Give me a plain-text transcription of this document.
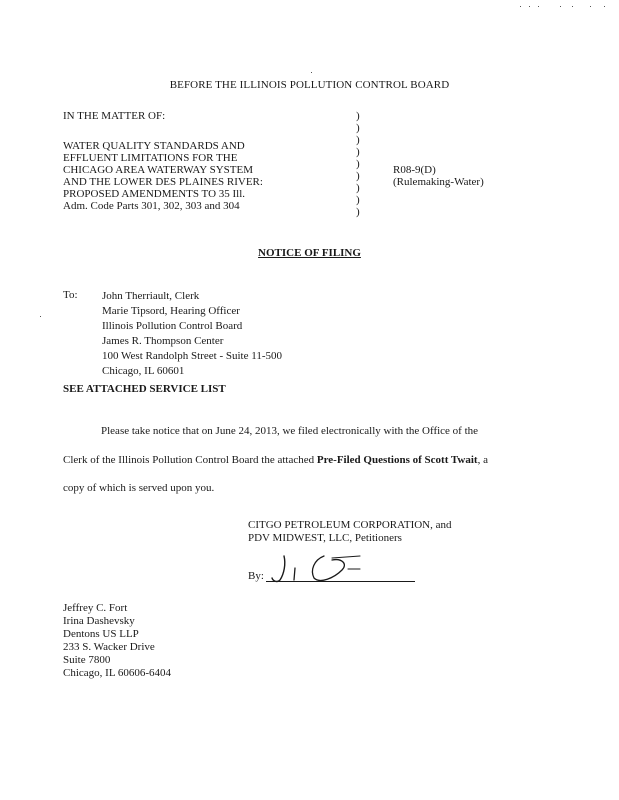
BEFORE THE ILLINOIS POLLUTION CONTROL BOARD
IN THE MATTER OF:
WATER QUALITY STANDARDS AND
EFFLUENT LIMITATIONS FOR THE
CHICAGO AREA WATERWAY SYSTEM
AND THE LOWER DES PLAINES RIVER:
PROPOSED AMENDMENTS TO 35 Ill.
Adm. Code Parts 301, 302, 303 and 304
)
)
)
)
)
)
)
)
)
R08-9(D)
(Rulemaking-Water)
NOTICE OF FILING
To: John Therriault, Clerk
Marie Tipsord, Hearing Officer
Illinois Pollution Control Board
James R. Thompson Center
100 West Randolph Street - Suite 11-500
Chicago, IL 60601
SEE ATTACHED SERVICE LIST
Please take notice that on June 24, 2013, we filed electronically with the Office of the
Clerk of the Illinois Pollution Control Board the attached Pre-Filed Questions of Scott Twait, a
copy of which is served upon you.
CITGO PETROLEUM CORPORATION, and
PDV MIDWEST, LLC, Petitioners
By:
Jeffrey C. Fort
Irina Dashevsky
Dentons US LLP
233 S. Wacker Drive
Suite 7800
Chicago, IL 60606-6404
